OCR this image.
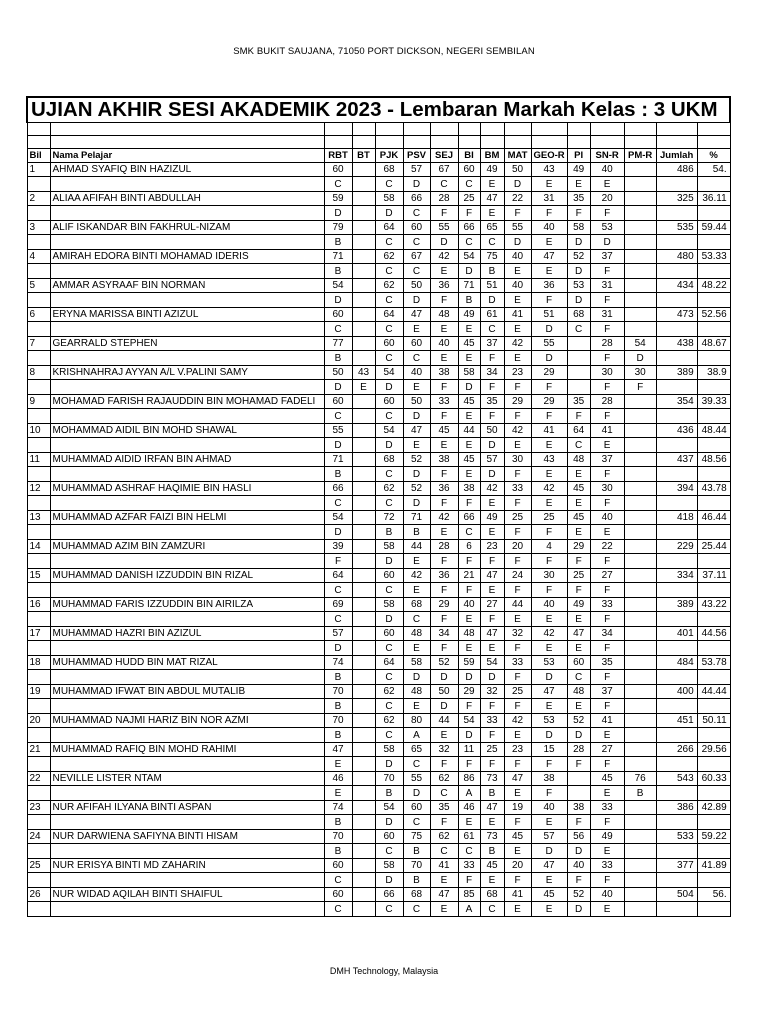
SMK BUKIT SAUJANA, 71050 PORT DICKSON, NEGERI SEMBILAN
UJIAN AKHIR SESI AKADEMIK 2023 - Lembaran Markah Kelas : 3 UKM															

Bil	Nama Pelajar	RBT	BT	PJK	PSV	SEJ	BI	BM	MAT	GEO-R	PI	SN-R	PM-R	Jumlah	%
1	AHMAD SYAFIQ BIN HAZIZUL	60		68	57	67	60	49	50	43	49	40		486	54.
		C		C	D	C	C	E	D	E	E	E			
2	ALIAA AFIFAH BINTI ABDULLAH	59		58	66	28	25	47	22	31	35	20		325	36.11
		D		D	C	F	F	E	F	F	F	F			
3	ALIF ISKANDAR BIN FAKHRUL-NIZAM	79		64	60	55	66	65	55	40	58	53		535	59.44
		B		C	C	D	C	C	D	E	D	D			
4	AMIRAH EDORA BINTI MOHAMAD IDERIS	71		62	67	42	54	75	40	47	52	37		480	53.33
		B		C	C	E	D	B	E	E	D	F			
5	AMMAR ASYRAAF BIN NORMAN	54		62	50	36	71	51	40	36	53	31		434	48.22
		D		C	D	F	B	D	E	F	D	F			
6	ERYNA MARISSA BINTI AZIZUL	60		64	47	48	49	61	41	51	68	31		473	52.56
		C		C	E	E	E	C	E	D	C	F			
7	GEARRALD STEPHEN	77		60	60	40	45	37	42	55		28	54	438	48.67
		B		C	C	E	E	F	E	D		F	D		
8	KRISHNAHRAJ AYYAN A/L V.PALINI SAMY	50	43	54	40	38	58	34	23	29		30	30	389	38.9
		D	E	D	E	F	D	F	F	F		F	F		
9	MOHAMAD FARISH RAJAUDDIN BIN MOHAMAD FADELI	60		60	50	33	45	35	29	29	35	28		354	39.33
		C		C	D	F	E	F	F	F	F	F			
10	MOHAMMAD AIDIL BIN MOHD SHAWAL	55		54	47	45	44	50	42	41	64	41		436	48.44
		D		D	E	E	E	D	E	E	C	E			
11	MUHAMMAD AIDID IRFAN BIN AHMAD	71		68	52	38	45	57	30	43	48	37		437	48.56
		B		C	D	F	E	D	F	E	E	F			
12	MUHAMMAD ASHRAF HAQIMIE BIN HASLI	66		62	52	36	38	42	33	42	45	30		394	43.78
		C		C	D	F	F	E	F	E	E	F			
13	MUHAMMAD AZFAR FAIZI BIN HELMI	54		72	71	42	66	49	25	25	45	40		418	46.44
		D		B	B	E	C	E	F	F	E	E			
14	MUHAMMAD AZIM BIN ZAMZURI	39		58	44	28	6	23	20	4	29	22		229	25.44
		F		D	E	F	F	F	F	F	F	F			
15	MUHAMMAD DANISH IZZUDDIN BIN RIZAL	64		60	42	36	21	47	24	30	25	27		334	37.11
		C		C	E	F	F	E	F	F	F	F			
16	MUHAMMAD FARIS IZZUDDIN BIN AIRILZA	69		58	68	29	40	27	44	40	49	33		389	43.22
		C		D	C	F	E	F	E	E	E	F			
17	MUHAMMAD HAZRI BIN AZIZUL	57		60	48	34	48	47	32	42	47	34		401	44.56
		D		C	E	F	E	E	F	E	E	F			
18	MUHAMMAD HUDD BIN MAT RIZAL	74		64	58	52	59	54	33	53	60	35		484	53.78
		B		C	D	D	D	D	F	D	C	F			
19	MUHAMMAD IFWAT BIN ABDUL MUTALIB	70		62	48	50	29	32	25	47	48	37		400	44.44
		B		C	E	D	F	F	F	E	E	F			
20	MUHAMMAD NAJMI HARIZ BIN NOR AZMI	70		62	80	44	54	33	42	53	52	41		451	50.11
		B		C	A	E	D	F	E	D	D	E			
21	MUHAMMAD RAFIQ BIN MOHD RAHIMI	47		58	65	32	11	25	23	15	28	27		266	29.56
		E		D	C	F	F	F	F	F	F	F			
22	NEVILLE LISTER NTAM	46		70	55	62	86	73	47	38		45	76	543	60.33
		E		B	D	C	A	B	E	F		E	B		
23	NUR AFIFAH ILYANA BINTI ASPAN	74		54	60	35	46	47	19	40	38	33		386	42.89
		B		D	C	F	E	E	F	E	F	F			
24	NUR DARWIENA SAFIYNA BINTI HISAM	70		60	75	62	61	73	45	57	56	49		533	59.22
		B		C	B	C	C	B	E	D	D	E			
25	NUR ERISYA BINTI MD ZAHARIN	60		58	70	41	33	45	20	47	40	33		377	41.89
		C		D	B	E	F	E	F	E	F	F			
26	NUR WIDAD AQILAH BINTI SHAIFUL	60		66	68	47	85	68	41	45	52	40		504	56.
		C		C	C	E	A	C	E	E	D	E			
DMH Technology, Malaysia
